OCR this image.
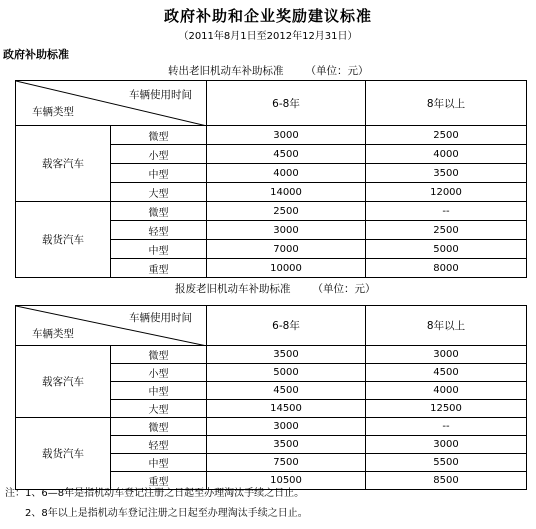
政府补助和企业奖励建议标准
（2011年8月1日至2012年12月31日）
政府补助标准
转出老旧机动车补助标准 （单位：元）
车辆使用时间
车辆类型		6-8年	8年以上
载客汽车	微型	3000	2500
	小型	4500	4000
	中型	4000	3500
	大型	14000	12000
载货汽车	微型	2500	--
	轻型	3000	2500
	中型	7000	5000
	重型	10000	8000
报废老旧机动车补助标准 （单位：元）
车辆使用时间
车辆类型		6-8年	8年以上
载客汽车	微型	3500	3000
	小型	5000	4500
	中型	4500	4000
	大型	14500	12500
载货汽车	微型	3000	--
	轻型	3500	3000
	中型	7500	5500
	重型	10500	8500
注：1、6—8年是指机动车登记注册之日起至办理淘汰手续之日止。
2、8年以上是指机动车登记注册之日起至办理淘汰手续之日止。
